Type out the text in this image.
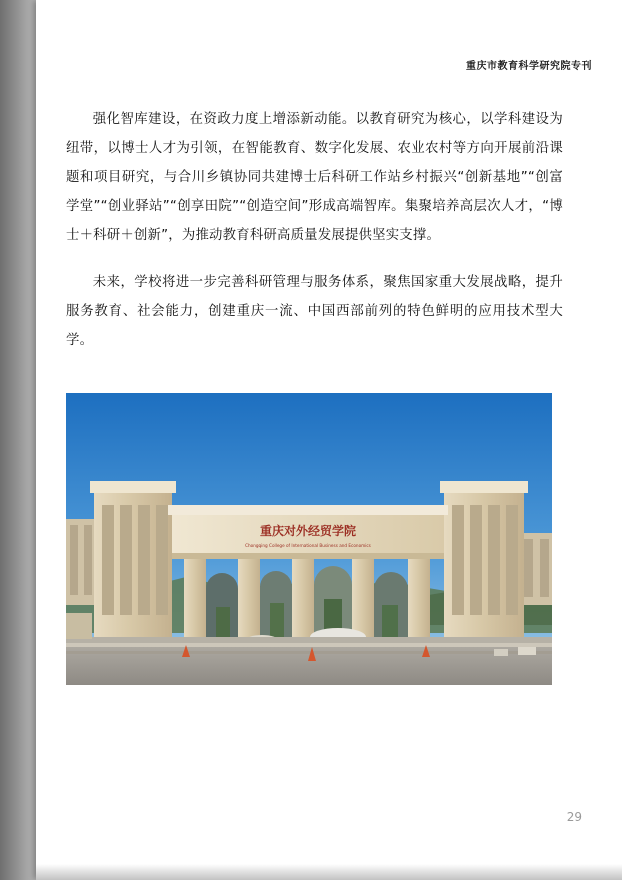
重庆市教育科学研究院专刊

强化智库建设，在资政力度上增添新动能。以教育研究为核心，以学科建设为纽带，以博士人才为引领，在智能教育、数字化发展、农业农村等方向开展前沿课题和项目研究，与合川乡镇协同共建博士后科研工作站乡村振兴“创新基地”“创富学堂”“创业驿站”“创享田院”“创造空间”形成高端智库。集聚培养高层次人才，“博士＋科研＋创新”，为推动教育科研高质量发展提供坚实支撑。

未来，学校将进一步完善科研管理与服务体系，聚焦国家重大发展战略，提升服务教育、社会能力，创建重庆一流、中国西部前列的特色鲜明的应用技术型大学。

重庆对外经贸学院
Chongqing College of International Business and Economics
29
